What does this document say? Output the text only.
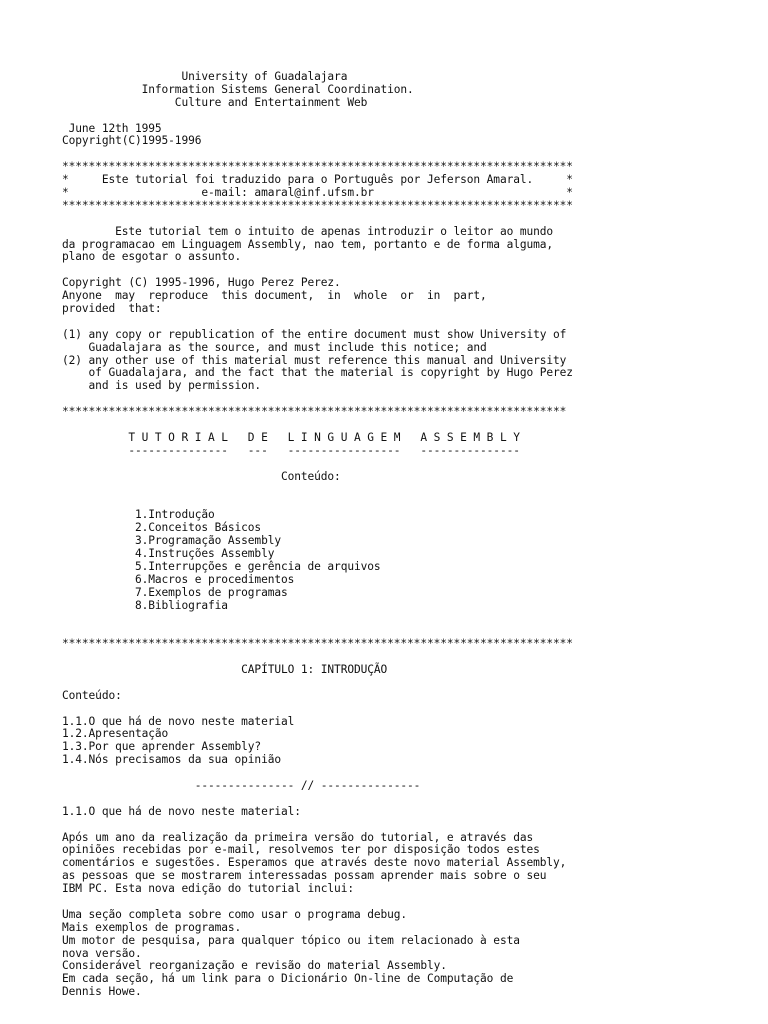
University of Guadalajara
Information Sistems General Coordination.
Culture and Entertainment Web
June 12th 1995
Copyright(C)1995-1996
*****************************************************************************
*     Este tutorial foi traduzido para o Português por Jeferson Amaral.     *
*                    e-mail: amaral@inf.ufsm.br                             *
*****************************************************************************
Este tutorial tem o intuito de apenas introduzir o leitor ao mundo
da programacao em Linguagem Assembly, nao tem, portanto e de forma alguma,
plano de esgotar o assunto.
Copyright (C) 1995-1996, Hugo Perez Perez.
Anyone  may  reproduce  this document,  in  whole  or  in  part,
provided  that:
(1) any copy or republication of the entire document must show University of
Guadalajara as the source, and must include this notice; and
(2) any other use of this material must reference this manual and University
of Guadalajara, and the fact that the material is copyright by Hugo Perez
and is used by permission.
****************************************************************************
T U T O R I A L   D E   L I N G U A G E M   A S S E M B L Y
---------------   ---   -----------------   ---------------
Conteúdo:
1.Introdução
2.Conceitos Básicos
3.Programação Assembly
4.Instruções Assembly
5.Interrupções e gerência de arquivos
6.Macros e procedimentos
7.Exemplos de programas
8.Bibliografia
*****************************************************************************
CAPÍTULO 1: INTRODUÇÃO
Conteúdo:
1.1.O que há de novo neste material
1.2.Apresentação
1.3.Por que aprender Assembly?
1.4.Nós precisamos da sua opinião
--------------- // ---------------
1.1.O que há de novo neste material:
Após um ano da realização da primeira versão do tutorial, e através das
opiniões recebidas por e-mail, resolvemos ter por disposição todos estes
comentários e sugestões. Esperamos que através deste novo material Assembly,
as pessoas que se mostrarem interessadas possam aprender mais sobre o seu
IBM PC. Esta nova edição do tutorial inclui:
Uma seção completa sobre como usar o programa debug.
Mais exemplos de programas.
Um motor de pesquisa, para qualquer tópico ou item relacionado à esta
nova versão.
Considerável reorganização e revisão do material Assembly.
Em cada seção, há um link para o Dicionário On-line de Computação de
Dennis Howe.
